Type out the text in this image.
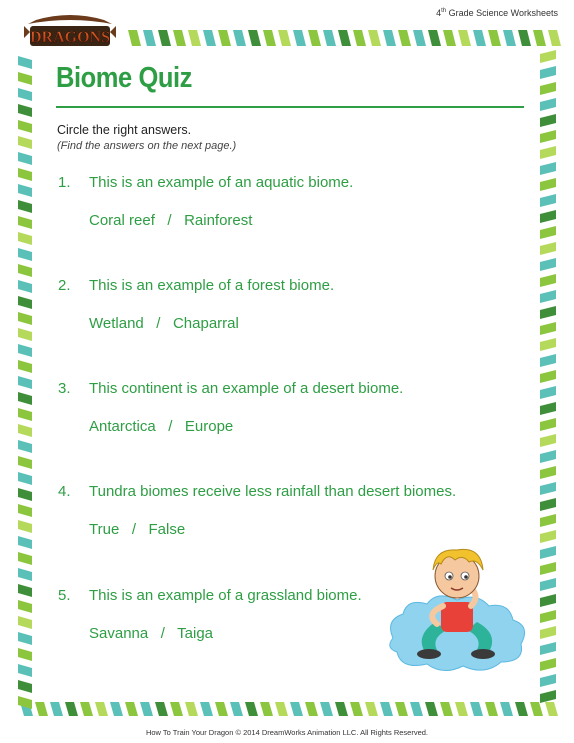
4th Grade Science Worksheets
DRAGONS
Biome Quiz
Circle the right answers.
(Find the answers on the next page.)
1. This is an example of an aquatic biome.
Coral reef / Rainforest
2. This is an example of a forest biome.
Wetland / Chaparral
3. This continent is an example of a desert biome.
Antarctica / Europe
4. Tundra biomes receive less rainfall than desert biomes.
True / False
5. This is an example of a grassland biome.
Savanna / Taiga
How To Train Your Dragon © 2014 DreamWorks Animation LLC. All Rights Reserved.
